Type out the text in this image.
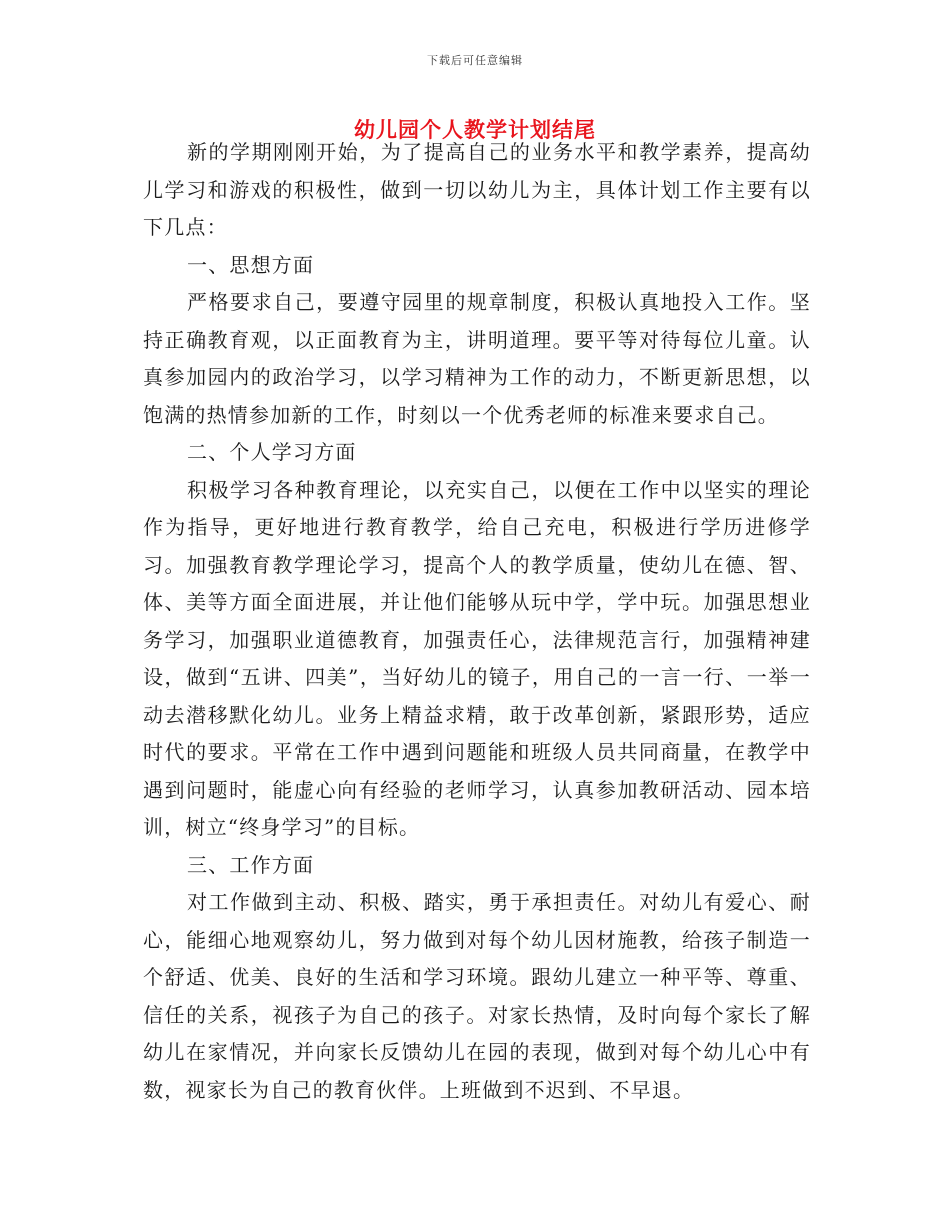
下载后可任意编辑
幼儿园个人教学计划结尾

新的学期刚刚开始，为了提高自己的业务水平和教学素养，提高幼儿学习和游戏的积极性，做到一切以幼儿为主，具体计划工作主要有以下几点：

一、思想方面

严格要求自己，要遵守园里的规章制度，积极认真地投入工作。坚持正确教育观，以正面教育为主，讲明道理。要平等对待每位儿童。认真参加园内的政治学习，以学习精神为工作的动力，不断更新思想，以饱满的热情参加新的工作，时刻以一个优秀老师的标准来要求自己。

二、个人学习方面

积极学习各种教育理论，以充实自己，以便在工作中以坚实的理论作为指导，更好地进行教育教学，给自己充电，积极进行学历进修学习。加强教育教学理论学习，提高个人的教学质量，使幼儿在德、智、体、美等方面全面进展，并让他们能够从玩中学，学中玩。加强思想业务学习，加强职业道德教育，加强责任心，法律规范言行，加强精神建设，做到“五讲、四美”，当好幼儿的镜子，用自己的一言一行、一举一动去潜移默化幼儿。业务上精益求精，敢于改革创新，紧跟形势，适应时代的要求。平常在工作中遇到问题能和班级人员共同商量，在教学中遇到问题时，能虚心向有经验的老师学习，认真参加教研活动、园本培训，树立“终身学习”的目标。

三、工作方面

对工作做到主动、积极、踏实，勇于承担责任。对幼儿有爱心、耐心，能细心地观察幼儿，努力做到对每个幼儿因材施教，给孩子制造一个舒适、优美、良好的生活和学习环境。跟幼儿建立一种平等、尊重、信任的关系，视孩子为自己的孩子。对家长热情，及时向每个家长了解幼儿在家情况，并向家长反馈幼儿在园的表现，做到对每个幼儿心中有数，视家长为自己的教育伙伴。上班做到不迟到、不早退。
